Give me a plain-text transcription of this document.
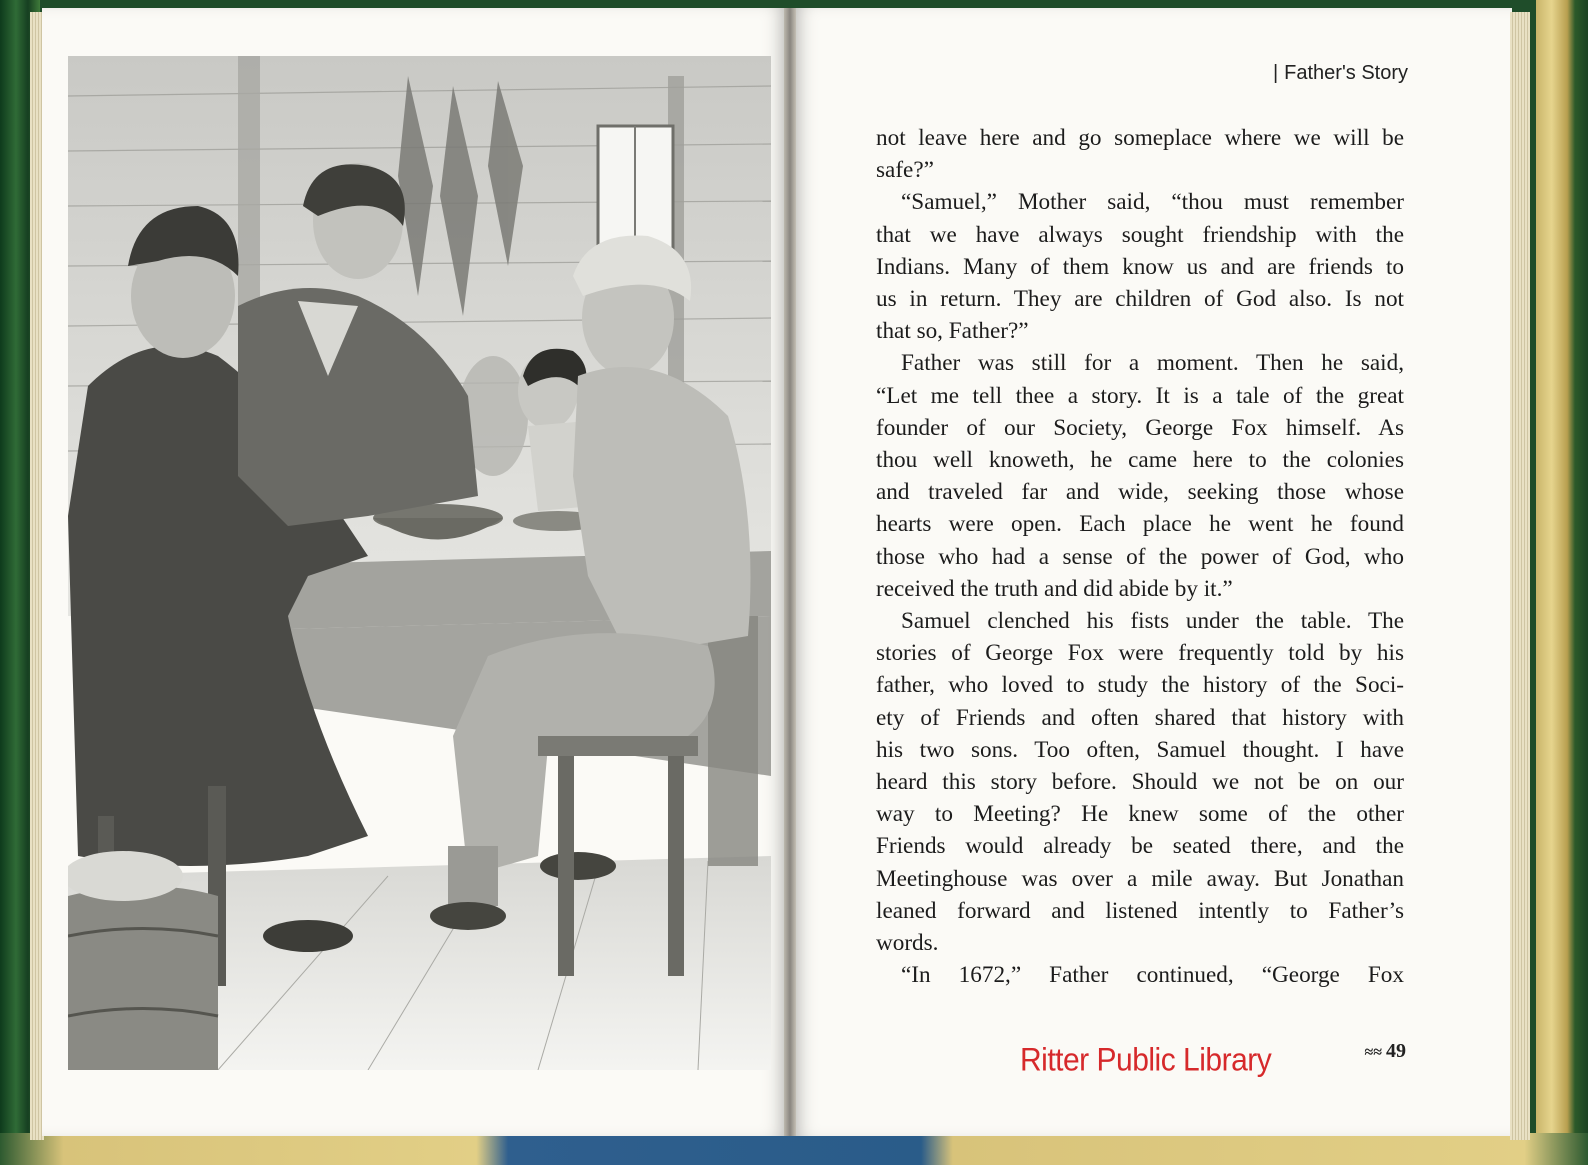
| Father's Story
not leave here and go someplace where we will be
safe?”
“Samuel,” Mother said, “thou must remember
that we have always sought friendship with the
Indians. Many of them know us and are friends to
us in return. They are children of God also. Is not
that so, Father?”
Father was still for a moment. Then he said,
“Let me tell thee a story. It is a tale of the great
founder of our Society, George Fox himself. As
thou well knoweth, he came here to the colonies
and traveled far and wide, seeking those whose
hearts were open. Each place he went he found
those who had a sense of the power of God, who
received the truth and did abide by it.”
Samuel clenched his fists under the table. The
stories of George Fox were frequently told by his
father, who loved to study the history of the Soci-
ety of Friends and often shared that history with
his two sons. Too often, Samuel thought. I have
heard this story before. Should we not be on our
way to Meeting? He knew some of the other
Friends would already be seated there, and the
Meetinghouse was over a mile away. But Jonathan
leaned forward and listened intently to Father’s
words.
“In 1672,” Father continued, “George Fox
Ritter Public Library	≈≈ 49
